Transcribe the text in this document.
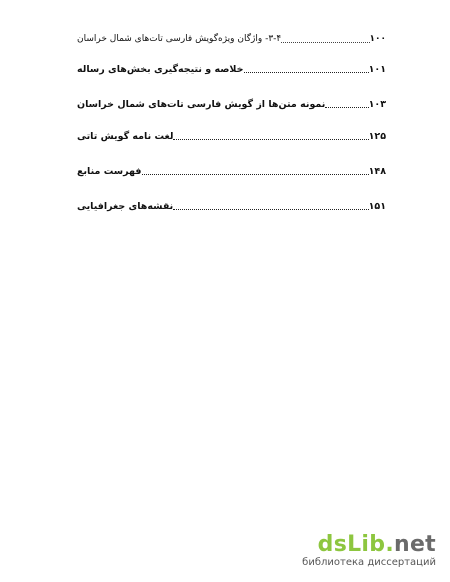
۳-۴- واژگان ویژه‌گویش فارسی تات‌های شمال خراسان	۱۰۰
خلاصه و نتیجه‌گیری بخش‌های رساله	۱۰۱
نمونه متن‌ها از گویش فارسی تات‌های شمال خراسان	۱۰۳
لغت نامه گویش تاتی	۱۲۵
فهرست منابع	۱۴۸
نقشه‌های جغرافیایی	۱۵۱
dsLib . net
библиотека диссертаций
